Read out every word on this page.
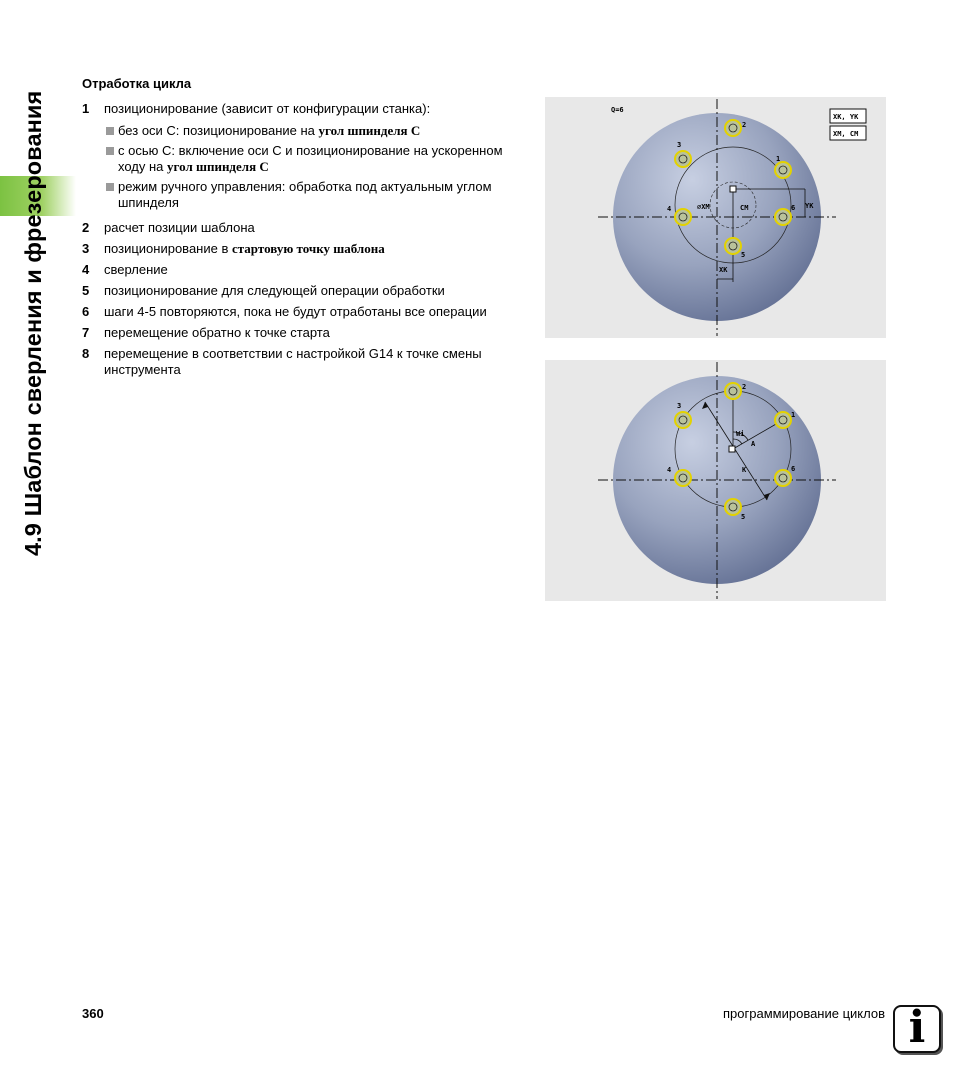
4.9 Шаблон сверления и фрезерования
Отработка цикла
1 позиционирование (зависит от конфигурации станка):
без оси C: позиционирование на угол шпинделя C
с осью C: включение оси C и позиционирование на ускоренном ходу на угол шпинделя C
режим ручного управления: обработка под актуальным углом шпинделя
2 расчет позиции шаблона
3 позиционирование в стартовую точку шаблона
4 сверление
5 позиционирование для следующей операции обработки
6 шаги 4-5 повторяются, пока не будут отработаны все операции
7 перемещение обратно к точке старта
8 перемещение в соответствии с настройкой G14 к точке смены инструмента
Q=6
XK, YK
XM, CM
1
2
3
4
5
6
⌀XM	CM	YK
XK
1
2
3
4
5
6
Wi
A
K
360	программирование циклов i
